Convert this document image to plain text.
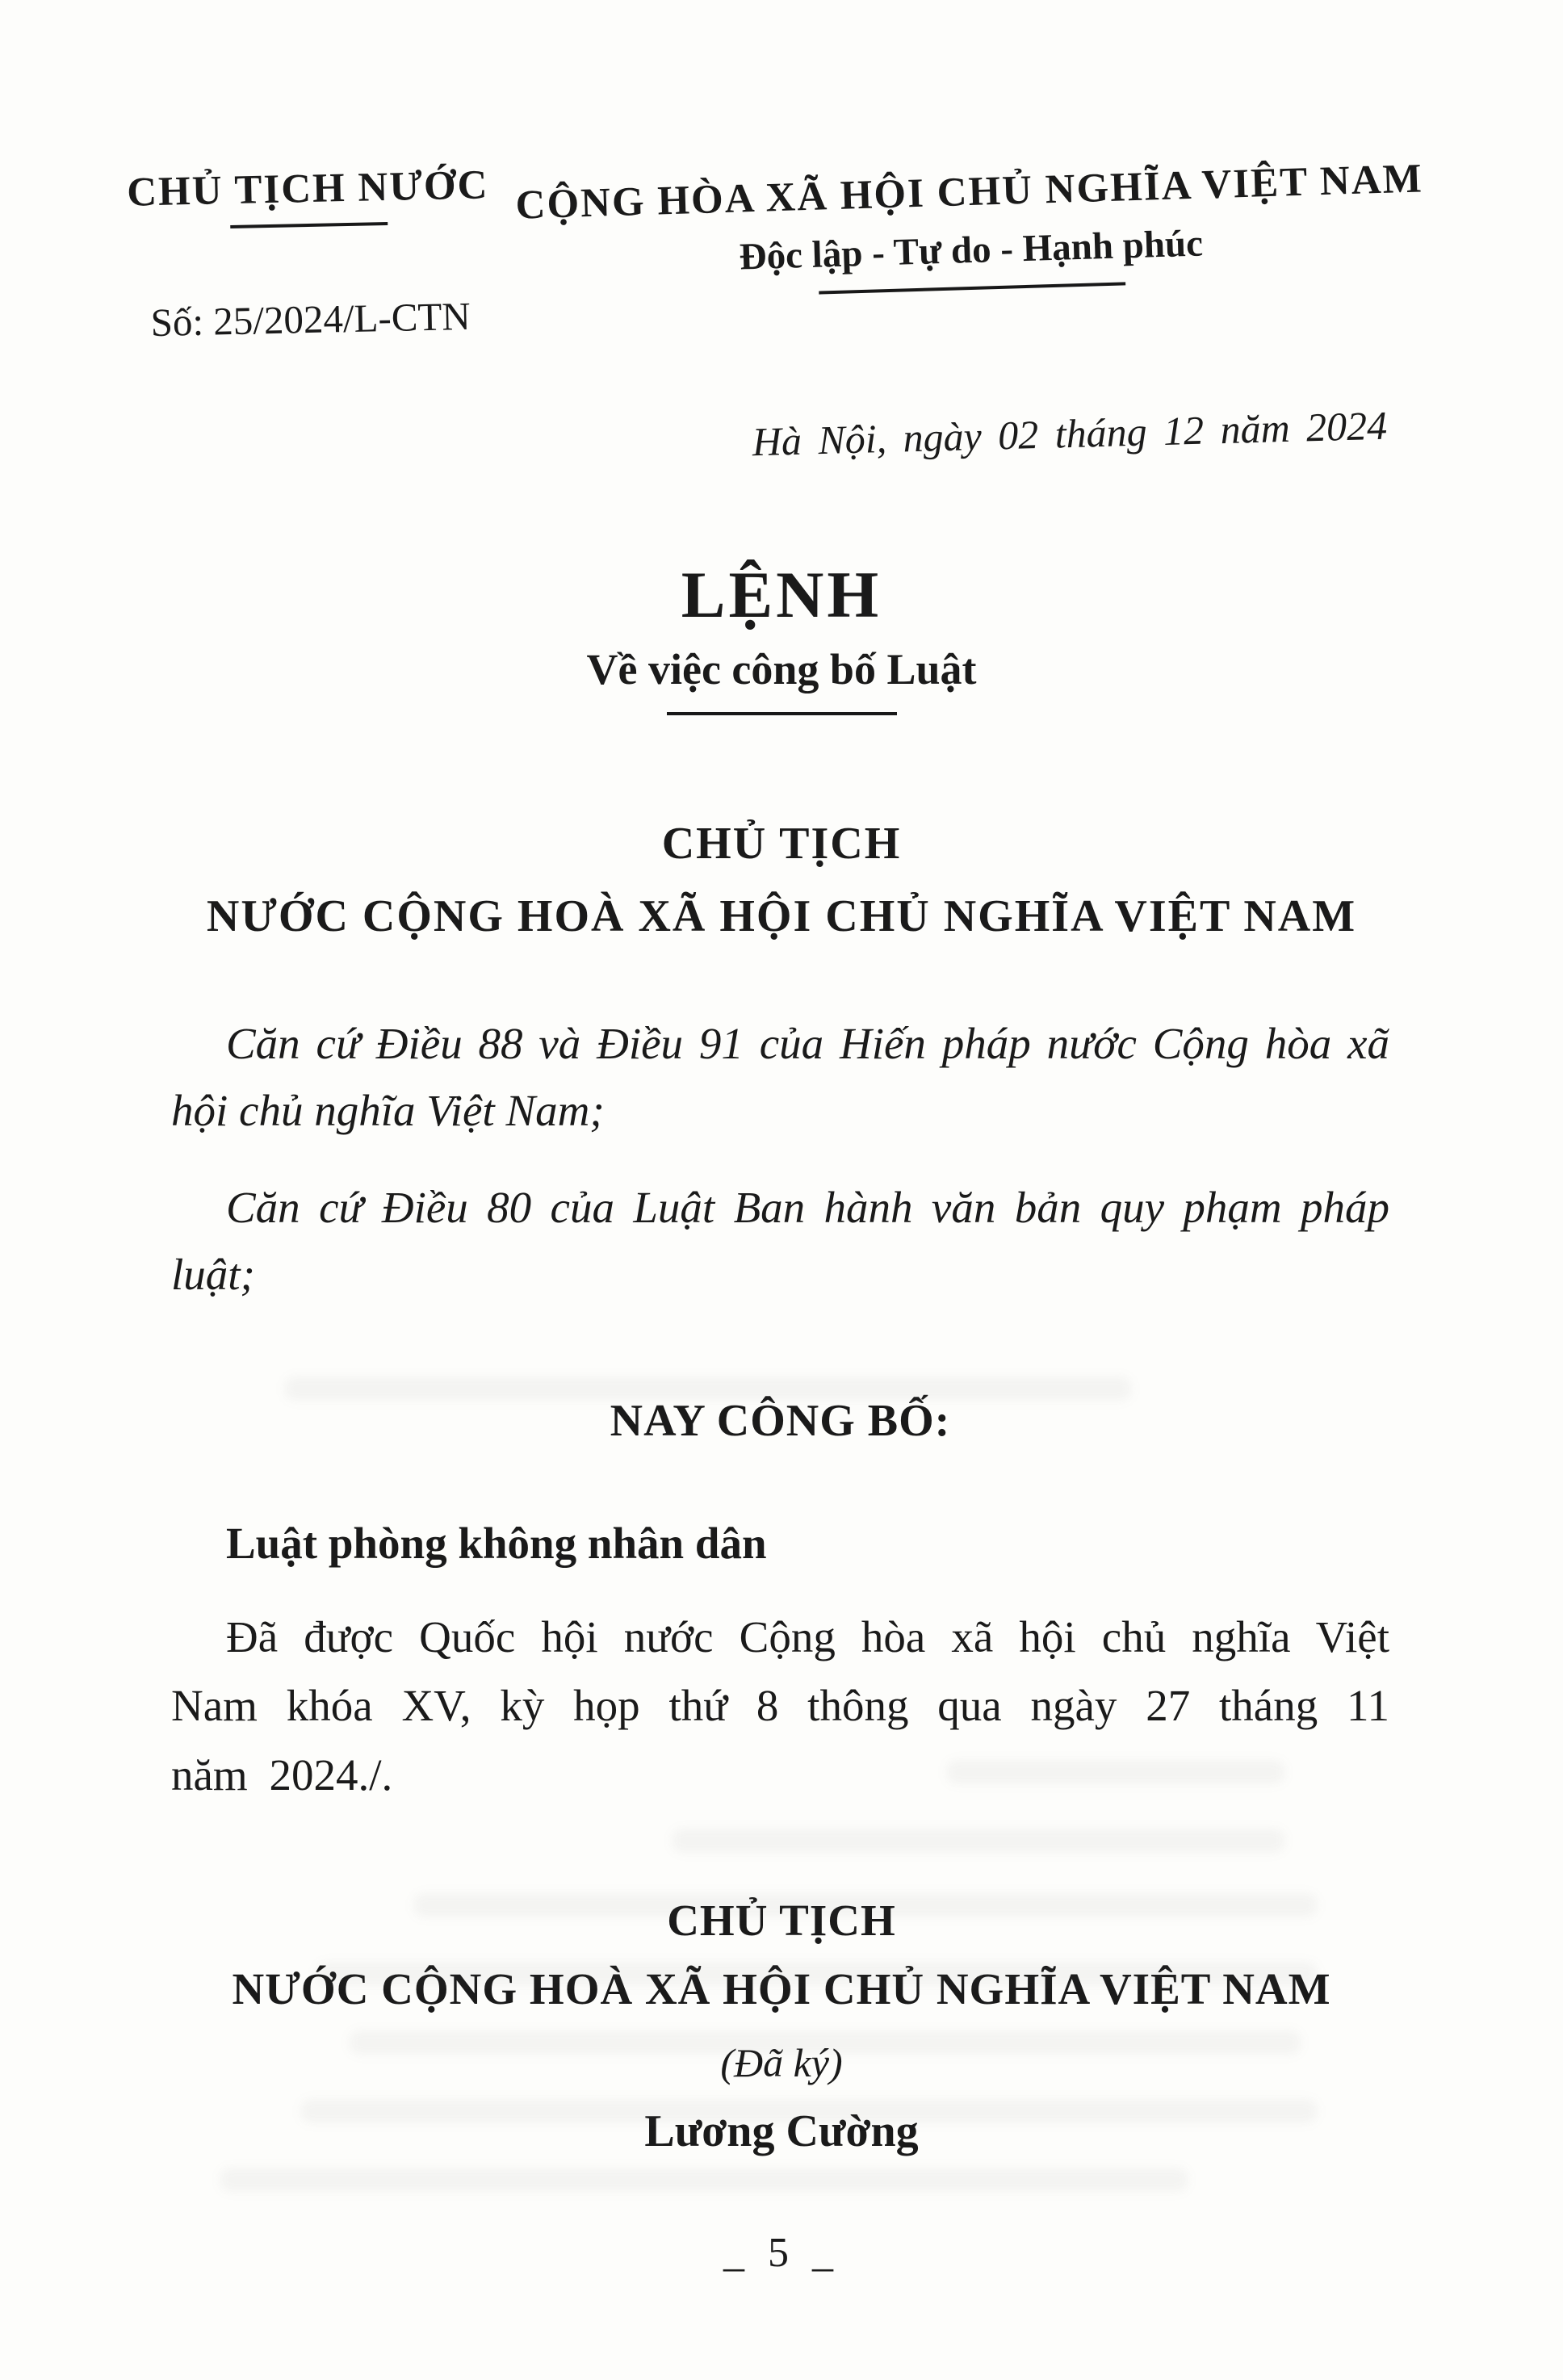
CHỦ TỊCH NƯỚC
Số: 25/2024/L-CTN
CỘNG HÒA XÃ HỘI CHỦ NGHĨA VIỆT NAM
Độc lập - Tự do - Hạnh phúc
Hà Nội, ngày 02 tháng 12 năm 2024
LỆNH
Về việc công bố Luật
CHỦ TỊCH
NƯỚC CỘNG HOÀ XÃ HỘI CHỦ NGHĨA VIỆT NAM

Căn cứ Điều 88 và Điều 91 của Hiến pháp nước Cộng hòa xã hội chủ nghĩa Việt Nam;

Căn cứ Điều 80 của Luật Ban hành văn bản quy phạm pháp luật;

NAY CÔNG BỐ:

Luật phòng không nhân dân

Đã được Quốc hội nước Cộng hòa xã hội chủ nghĩa Việt Nam khóa XV, kỳ họp thứ 8 thông qua ngày 27 tháng 11 năm 2024./.

CHỦ TỊCH
NƯỚC CỘNG HOÀ XÃ HỘI CHỦ NGHĨA VIỆT NAM
(Đã ký)
Lương Cường
_ 5 _
